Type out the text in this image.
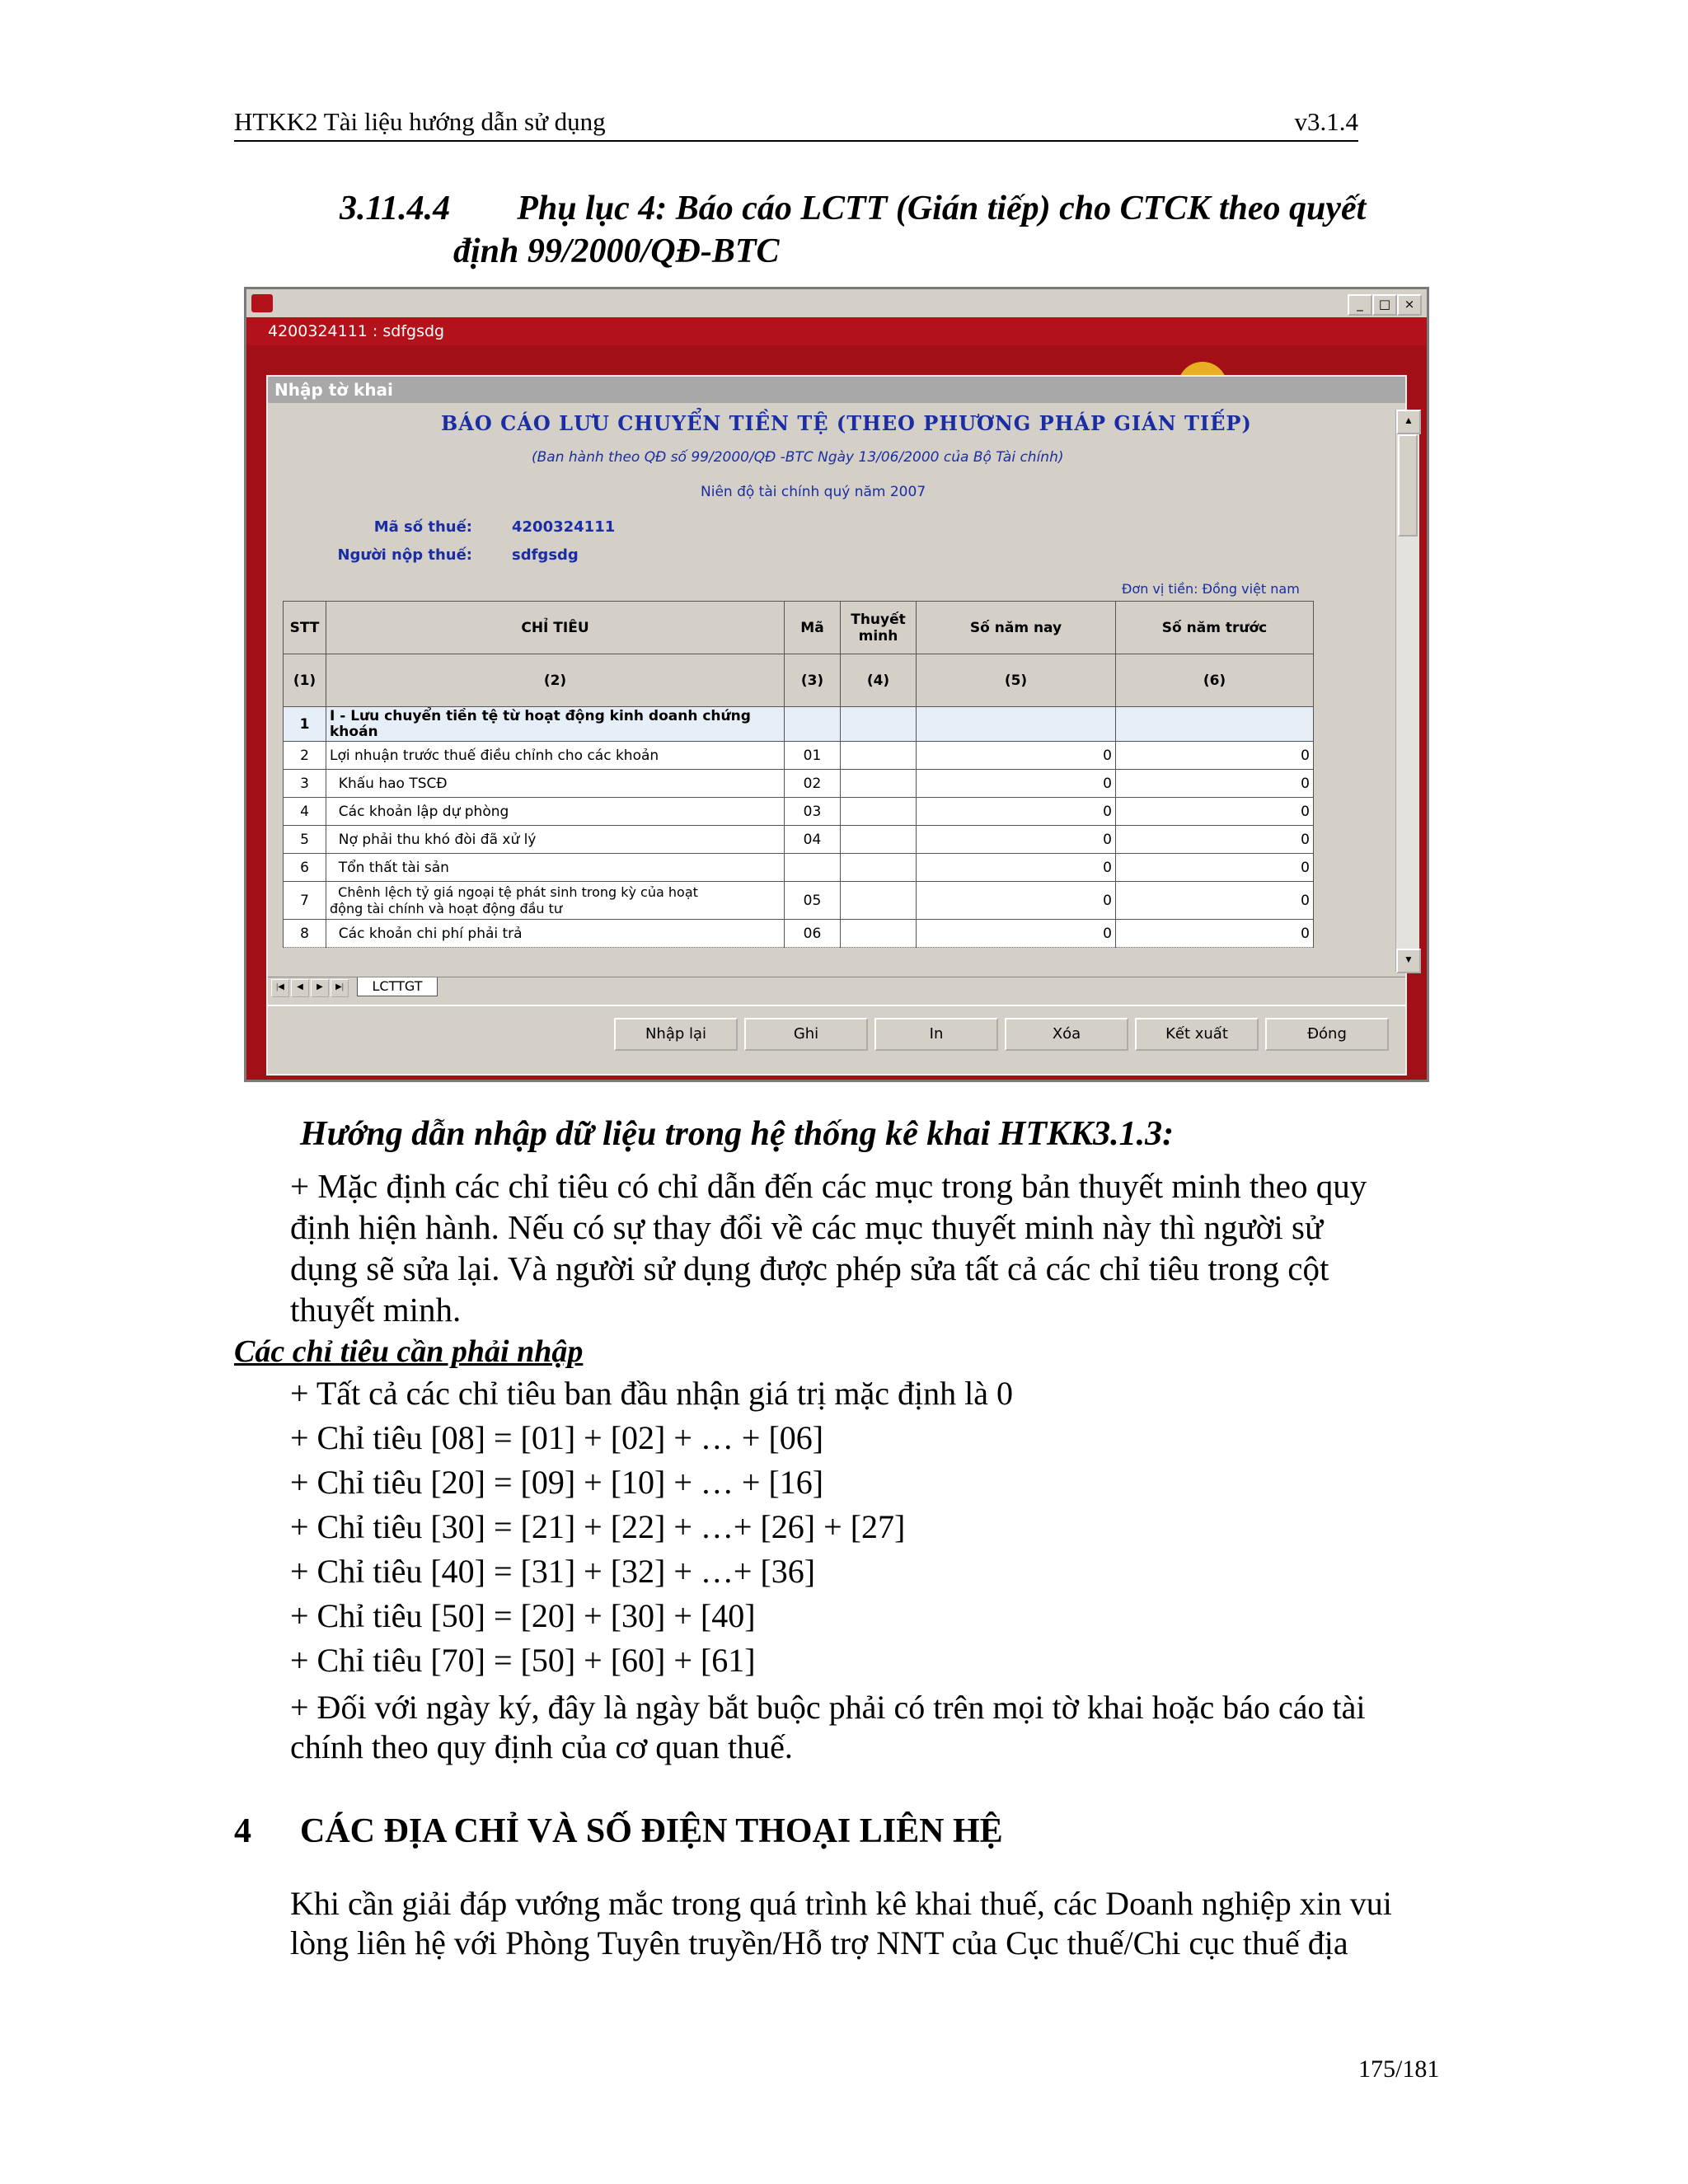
HTKK2 Tài liệu hướng dẫn sử dụng	v3.1.4
3.11.4.4 Phụ lục 4: Báo cáo LCTT (Gián tiếp) cho CTCK theo quyết
định 99/2000/QĐ-BTC
_	□	×
4200324111 : sdfgsdg
Nhập tờ khai
BÁO CÁO LƯU CHUYỂN TIỀN TỆ (THEO PHƯƠNG PHÁP GIÁN TIẾP)
(Ban hành theo QĐ số 99/2000/QĐ -BTC Ngày 13/06/2000 của Bộ Tài chính)
Niên độ tài chính quý năm 2007
Mã số thuế:	4200324111
Người nộp thuế:	sdfgsdg
Đơn vị tiền: Đồng việt nam
STT	CHỈ TIÊU	Mã	Thuyết minh	Số năm nay	Số năm trước
(1)	(2)	(3)	(4)	(5)	(6)
1	I - Lưu chuyển tiền tệ từ hoạt động kinh doanh chứng
khoán				
2	Lợi nhuận trước thuế điều chỉnh cho các khoản	01		0	0
3	Khấu hao TSCĐ	02		0	0
4	Các khoản lập dự phòng	03		0	0
5	Nợ phải thu khó đòi đã xử lý	04		0	0
6	Tổn thất tài sản			0	0
7	Chênh lệch tỷ giá ngoại tệ phát sinh trong kỳ của hoạt
động tài chính và hoạt động đầu tư	05		0	0
8	Các khoản chi phí phải trả	06		0	0
▲
▼
|◀	◀	▶	▶|	LCTTGT
Nhập lại	Ghi	In	Xóa	Kết xuất	Đóng
Hướng dẫn nhập dữ liệu trong hệ thống kê khai HTKK3.1.3:
+ Mặc định các chỉ tiêu có chỉ dẫn đến các mục trong bản thuyết minh theo quy
định hiện hành. Nếu có sự thay đổi về các mục thuyết minh này thì người sử
dụng sẽ sửa lại. Và người sử dụng được phép sửa tất cả các chỉ tiêu trong cột
thuyết minh.
Các chỉ tiêu cần phải nhập
+ Tất cả các chỉ tiêu ban đầu nhận giá trị mặc định là 0
+ Chỉ tiêu [08] = [01] + [02] + … + [06]
+ Chỉ tiêu [20] = [09] + [10] + … + [16]
+ Chỉ tiêu [30] = [21] + [22] + …+ [26] + [27]
+ Chỉ tiêu [40] = [31] + [32] + …+ [36]
+ Chỉ tiêu [50] = [20] + [30] + [40]
+ Chỉ tiêu [70] = [50] + [60] + [61]
+ Đối với ngày ký, đây là ngày bắt buộc phải có trên mọi tờ khai hoặc báo cáo tài
chính theo quy định của cơ quan thuế.
4 CÁC ĐỊA CHỈ VÀ SỐ ĐIỆN THOẠI LIÊN HỆ
Khi cần giải đáp vướng mắc trong quá trình kê khai thuế, các Doanh nghiệp xin vui
lòng liên hệ với Phòng Tuyên truyền/Hỗ trợ NNT của Cục thuế/Chi cục thuế địa
175/181
